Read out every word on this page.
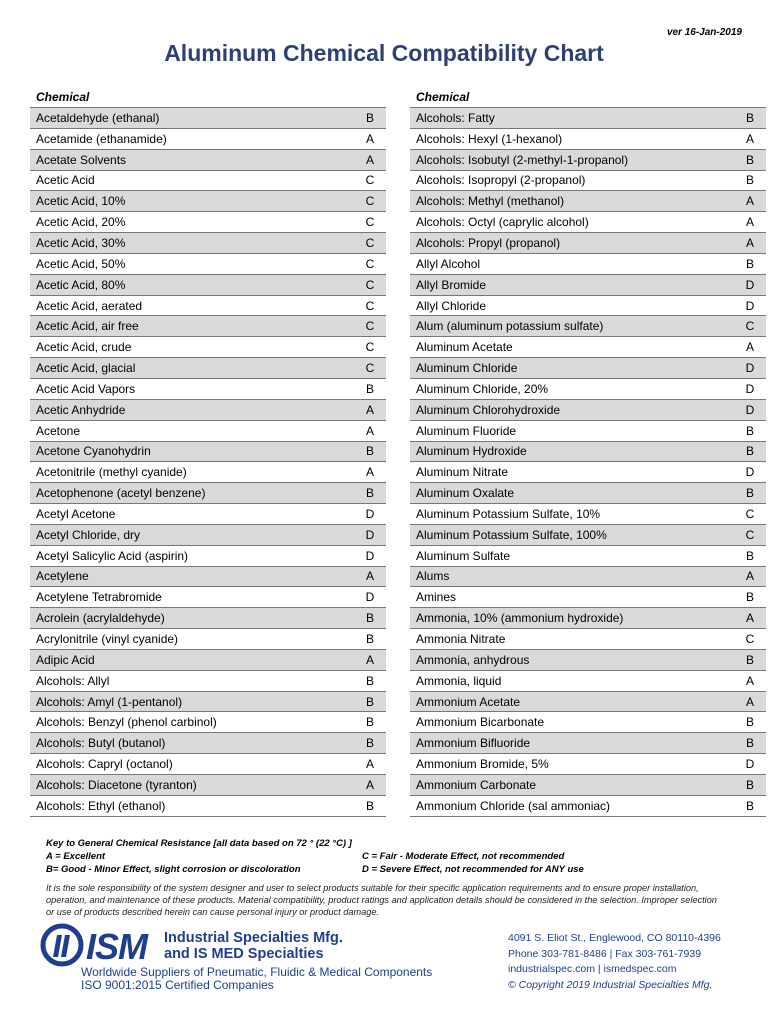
ver 16-Jan-2019
Aluminum Chemical Compatibility Chart
Chemical
Acetaldehyde (ethanal)	B
Acetamide (ethanamide)	A
Acetate Solvents	A
Acetic Acid	C
Acetic Acid, 10%	C
Acetic Acid, 20%	C
Acetic Acid, 30%	C
Acetic Acid, 50%	C
Acetic Acid, 80%	C
Acetic Acid, aerated	C
Acetic Acid, air free	C
Acetic Acid, crude	C
Acetic Acid, glacial	C
Acetic Acid Vapors	B
Acetic Anhydride	A
Acetone	A
Acetone Cyanohydrin	B
Acetonitrile (methyl cyanide)	A
Acetophenone (acetyl benzene)	B
Acetyl Acetone	D
Acetyl Chloride, dry	D
Acetyl Salicylic Acid (aspirin)	D
Acetylene	A
Acetylene Tetrabromide	D
Acrolein (acrylaldehyde)	B
Acrylonitrile (vinyl cyanide)	B
Adipic Acid	A
Alcohols: Allyl	B
Alcohols: Amyl (1-pentanol)	B
Alcohols: Benzyl (phenol carbinol)	B
Alcohols: Butyl (butanol)	B
Alcohols: Capryl (octanol)	A
Alcohols: Diacetone (tyranton)	A
Alcohols: Ethyl (ethanol)	B
Chemical
Alcohols: Fatty	B
Alcohols: Hexyl (1-hexanol)	A
Alcohols: Isobutyl (2-methyl-1-propanol)	B
Alcohols: Isopropyl (2-propanol)	B
Alcohols: Methyl (methanol)	A
Alcohols: Octyl (caprylic alcohol)	A
Alcohols: Propyl (propanol)	A
Allyl Alcohol	B
Allyl Bromide	D
Allyl Chloride	D
Alum (aluminum potassium sulfate)	C
Aluminum Acetate	A
Aluminum Chloride	D
Aluminum Chloride, 20%	D
Aluminum Chlorohydroxide	D
Aluminum Fluoride	B
Aluminum Hydroxide	B
Aluminum Nitrate	D
Aluminum Oxalate	B
Aluminum Potassium Sulfate, 10%	C
Aluminum Potassium Sulfate, 100%	C
Aluminum Sulfate	B
Alums	A
Amines	B
Ammonia, 10% (ammonium hydroxide)	A
Ammonia Nitrate	C
Ammonia, anhydrous	B
Ammonia, liquid	A
Ammonium Acetate	A
Ammonium Bicarbonate	B
Ammonium Bifluoride	B
Ammonium Bromide, 5%	D
Ammonium Carbonate	B
Ammonium Chloride (sal ammoniac)	B
Key to General Chemical Resistance [all data based on 72 ° (22 °C) ]
A = Excellent	C = Fair - Moderate Effect, not recommended
B= Good - Minor Effect, slight corrosion or discoloration	D = Severe Effect, not recommended for ANY use
It is the sole responsibility of the system designer and user to select products suitable for their specific application requirements and to ensure proper installation, operation, and maintenance of these products. Material compatibility, product ratings and application details should be considered in the selection. Improper selection or use of products described herein can cause personal injury or product damage.
ISM Industrial Specialties Mfg.
and IS MED Specialties
Worldwide Suppliers of Pneumatic, Fluidic & Medical Components
ISO 9001:2015 Certified Companies
4091 S. Eliot St., Englewood, CO 80110-4396
Phone 303-781-8486 | Fax 303-761-7939
industrialspec.com | ismedspec.com
© Copyright 2019 Industrial Specialties Mfg.
